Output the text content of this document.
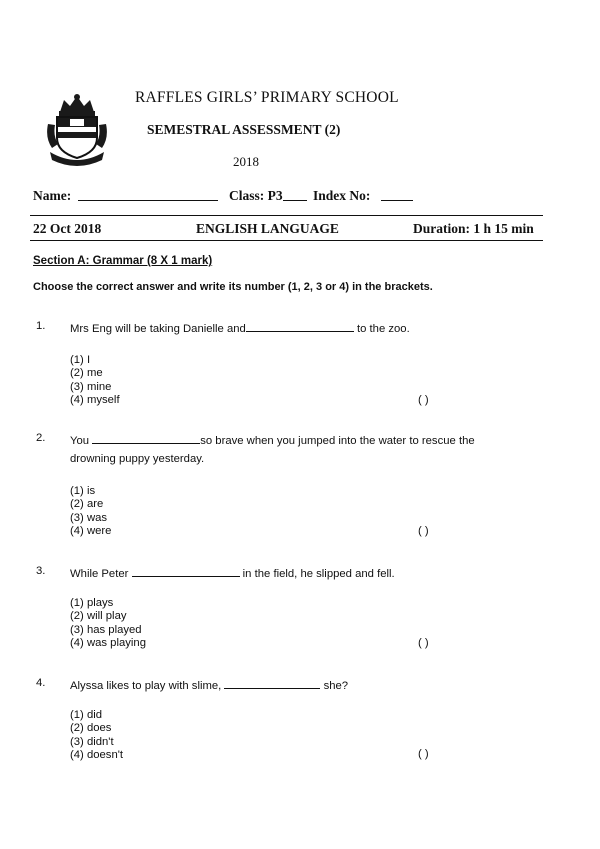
RAFFLES GIRLS’ PRIMARY SCHOOL
SEMESTRAL ASSESSMENT (2)
2018
Name:	Class: P3 Index No:
22 Oct 2018	ENGLISH LANGUAGE	Duration: 1 h 15 min
Section A: Grammar (8 X 1 mark)
Choose the correct answer and write its number (1, 2, 3 or 4) in the brackets.
1. Mrs Eng will be taking Danielle and	to the zoo.
(1) I
(2) me
(3) mine
(4) myself	( )
2. You	so brave when you jumped into the water to rescue the
drowning puppy yesterday.
(1) is
(2) are
(3) was
(4) were	( )
3. While Peter	in the field, he slipped and fell.
(1) plays
(2) will play
(3) has played
(4) was playing	( )
4. Alyssa likes to play with slime,	she?
(1) did
(2) does
(3) didn't
(4) doesn't	( )
